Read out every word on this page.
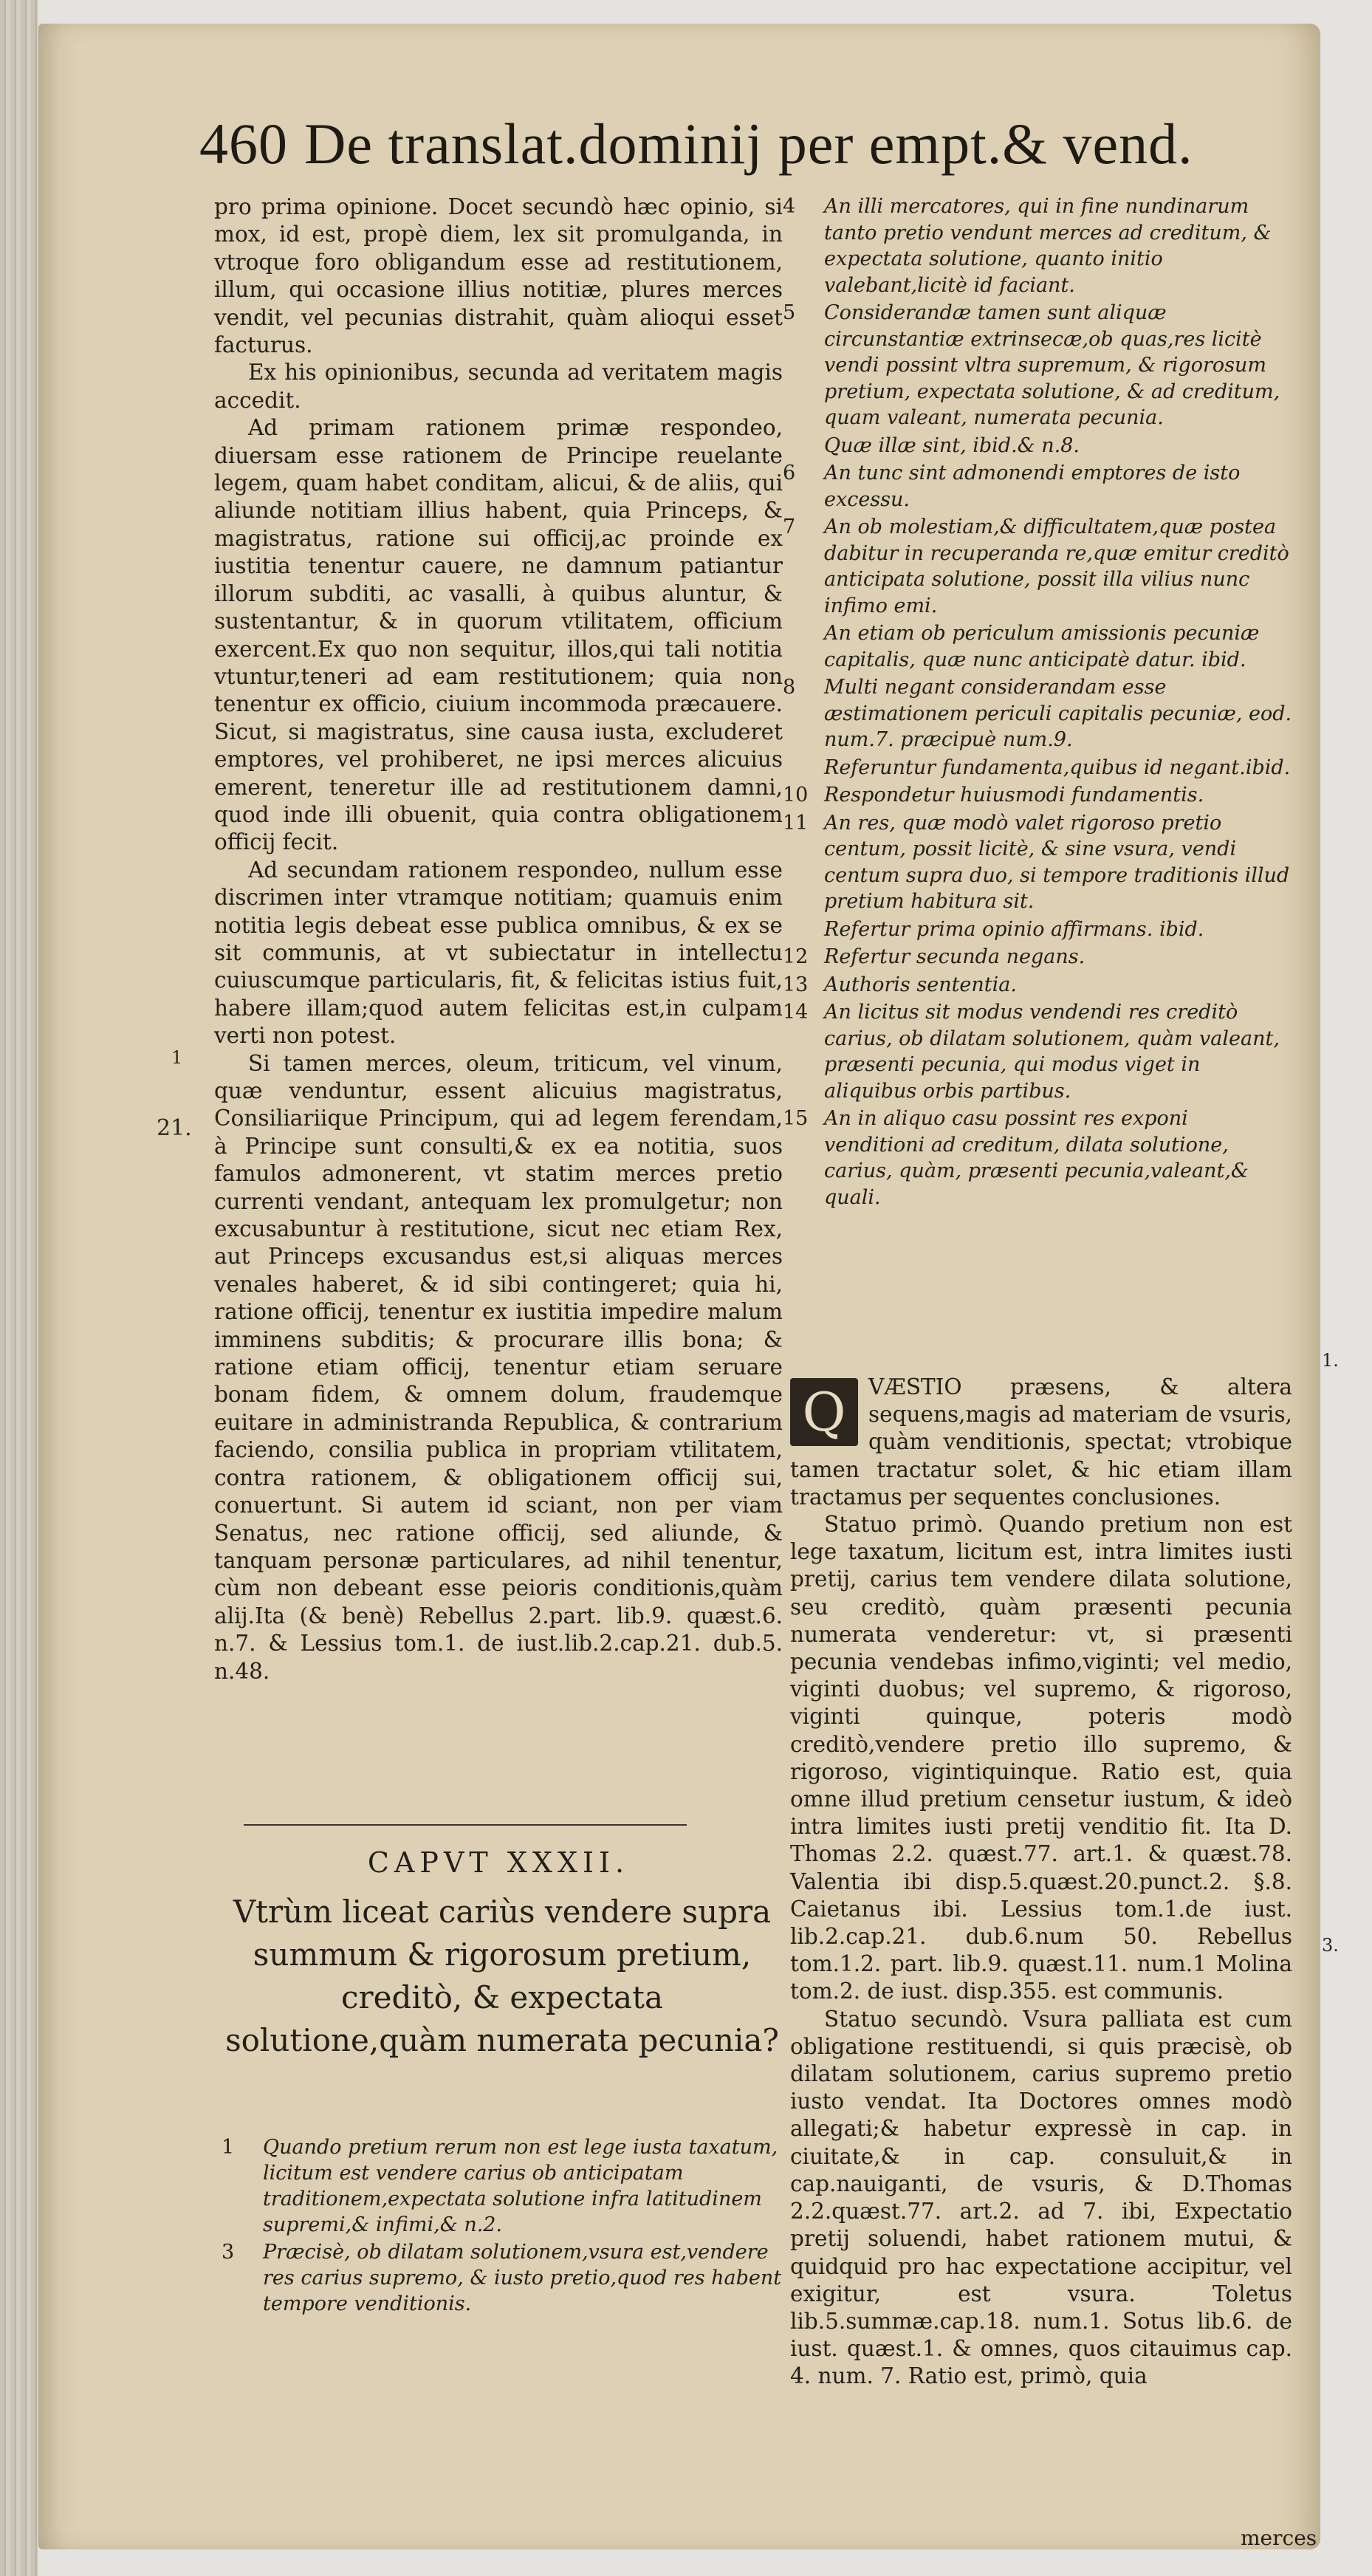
460 De translat.dominij per empt.& vend.

pro prima opinione. Docet secundò hæc opinio, si mox, id est, propè diem, lex sit promulganda, in vtroque foro obligandum esse ad restitutionem, illum, qui occasione illius notitiæ, plures merces vendit, vel pecunias distrahit, quàm alioqui esset facturus.

Ex his opinionibus, secunda ad veritatem magis accedit.

Ad primam rationem primæ respondeo, diuersam esse rationem de Principe reuelante legem, quam habet conditam, alicui, & de aliis, qui aliunde notitiam illius habent, quia Princeps, & magistratus, ratione sui officij,ac proinde ex iustitia tenentur cauere, ne damnum patiantur illorum subditi, ac vasalli, à quibus aluntur, & sustentantur, & in quorum vtilitatem, officium exercent.Ex quo non sequitur, illos,qui tali notitia vtuntur,teneri ad eam restitutionem; quia non tenentur ex officio, ciuium incommoda præcauere. Sicut, si magistratus, sine causa iusta, excluderet emptores, vel prohiberet, ne ipsi merces alicuius emerent, teneretur ille ad restitutionem damni, quod inde illi obuenit, quia contra obligationem officij fecit.

Ad secundam rationem respondeo, nullum esse discrimen inter vtramque notitiam; quamuis enim notitia legis debeat esse publica omnibus, & ex se sit communis, at vt subiectatur in intellectu cuiuscumque particularis, fit, & felicitas istius fuit, habere illam;quod autem felicitas est,in culpam verti non potest.

Si tamen merces, oleum, triticum, vel vinum, quæ venduntur, essent alicuius magistratus, Consiliariique Principum, qui ad legem ferendam, à Principe sunt consulti,& ex ea notitia, suos famulos admonerent, vt statim merces pretio currenti vendant, antequam lex promulgetur; non excusabuntur à restitutione, sicut nec etiam Rex, aut Princeps excusandus est,si aliquas merces venales haberet, & id sibi contingeret; quia hi, ratione officij, tenentur ex iustitia impedire malum imminens subditis; & procurare illis bona; & ratione etiam officij, tenentur etiam seruare bonam fidem, & omnem dolum, fraudemque euitare in administranda Republica, & contrarium faciendo, consilia publica in propriam vtilitatem, contra rationem, & obligationem officij sui, conuertunt. Si autem id sciant, non per viam Senatus, nec ratione officij, sed aliunde, & tanquam personæ particulares, ad nihil tenentur, cùm non debeant esse peioris conditionis,quàm alij.Ita (& benè) Rebellus 2.part. lib.9. quæst.6. n.7. & Lessius tom.1. de iust.lib.2.cap.21. dub.5. n.48.

CAPVT XXXII.
Vtrùm liceat cariùs vendere supra summum & rigorosum pretium, creditò, & expectata solutione,quàm numerata pecunia?
1	Quando pretium rerum non est lege iusta taxatum, licitum est vendere carius ob anticipatam traditionem,expectata solutione infra latitudinem supremi,& infimi,& n.2.
3	Præcisè, ob dilatam solutionem,vsura est,vendere res carius supremo, & iusto pretio,quod res habent tempore venditionis.
4	An illi mercatores, qui in fine nundinarum tanto pretio vendunt merces ad creditum, & expectata solutione, quanto initio valebant,licitè id faciant.
5	Considerandæ tamen sunt aliquæ circunstantiæ extrinsecæ,ob quas,res licitè vendi possint vltra supremum, & rigorosum pretium, expectata solutione, & ad creditum, quam valeant, numerata pecunia.
Quæ illæ sint, ibid.& n.8.
6	An tunc sint admonendi emptores de isto excessu.
7	An ob molestiam,& difficultatem,quæ postea dabitur in recuperanda re,quæ emitur creditò anticipata solutione, possit illa vilius nunc infimo emi.
An etiam ob periculum amissionis pecuniæ capitalis, quæ nunc anticipatè datur. ibid.
8	Multi negant considerandam esse æstimationem periculi capitalis pecuniæ, eod. num.7. præcipuè num.9.
Referuntur fundamenta,quibus id negant.ibid.
10 Respondetur huiusmodi fundamentis.
11 An res, quæ modò valet rigoroso pretio centum, possit licitè, & sine vsura, vendi centum supra duo, si tempore traditionis illud pretium habitura sit.
Refertur prima opinio affirmans. ibid.
12 Refertur secunda negans.
13 Authoris sententia.
14 An licitus sit modus vendendi res creditò carius, ob dilatam solutionem, quàm valeant, præsenti pecunia, qui modus viget in aliquibus orbis partibus.
15 An in aliquo casu possint res exponi venditioni ad creditum, dilata solutione, carius, quàm, præsenti pecunia,valeant,& quali.
Q	VÆSTIO præsens, & altera sequens,magis ad materiam de vsuris, quàm venditionis, spectat; vtrobique tamen tractatur solet, & hic etiam illam tractamus per sequentes conclusiones.

Statuo primò. Quando pretium non est lege taxatum, licitum est, intra limites iusti pretij, carius tem vendere dilata solutione, seu creditò, quàm præsenti pecunia numerata venderetur: vt, si præsenti pecunia vendebas infimo,viginti; vel medio, viginti duobus; vel supremo, & rigoroso, viginti quinque, poteris modò creditò,vendere pretio illo supremo, & rigoroso, vigintiquinque. Ratio est, quia omne illud pretium censetur iustum, & ideò intra limites iusti pretij venditio fit. Ita D. Thomas 2.2. quæst.77. art.1. & quæst.78. Valentia ibi disp.5.quæst.20.punct.2. §.8. Caietanus ibi. Lessius tom.1.de iust. lib.2.cap.21. dub.6.num 50. Rebellus tom.1.2. part. lib.9. quæst.11. num.1 Molina tom.2. de iust. disp.355. est communis.

Statuo secundò. Vsura palliata est cum obligatione restituendi, si quis præcisè, ob dilatam solutionem, carius supremo pretio iusto vendat. Ita Doctores omnes modò allegati;& habetur expressè in cap. in ciuitate,& in cap. consuluit,& in cap.nauiganti, de vsuris, & D.Thomas 2.2.quæst.77. art.2. ad 7. ibi, Expectatio pretij soluendi, habet rationem mutui, & quidquid pro hac expectatione accipitur, vel exigitur, est vsura. Toletus lib.5.summæ.cap.18. num.1. Sotus lib.6. de iust. quæst.1. & omnes, quos citauimus cap. 4. num. 7. Ratio est, primò, quia

21.
1
1.
3.
merces
